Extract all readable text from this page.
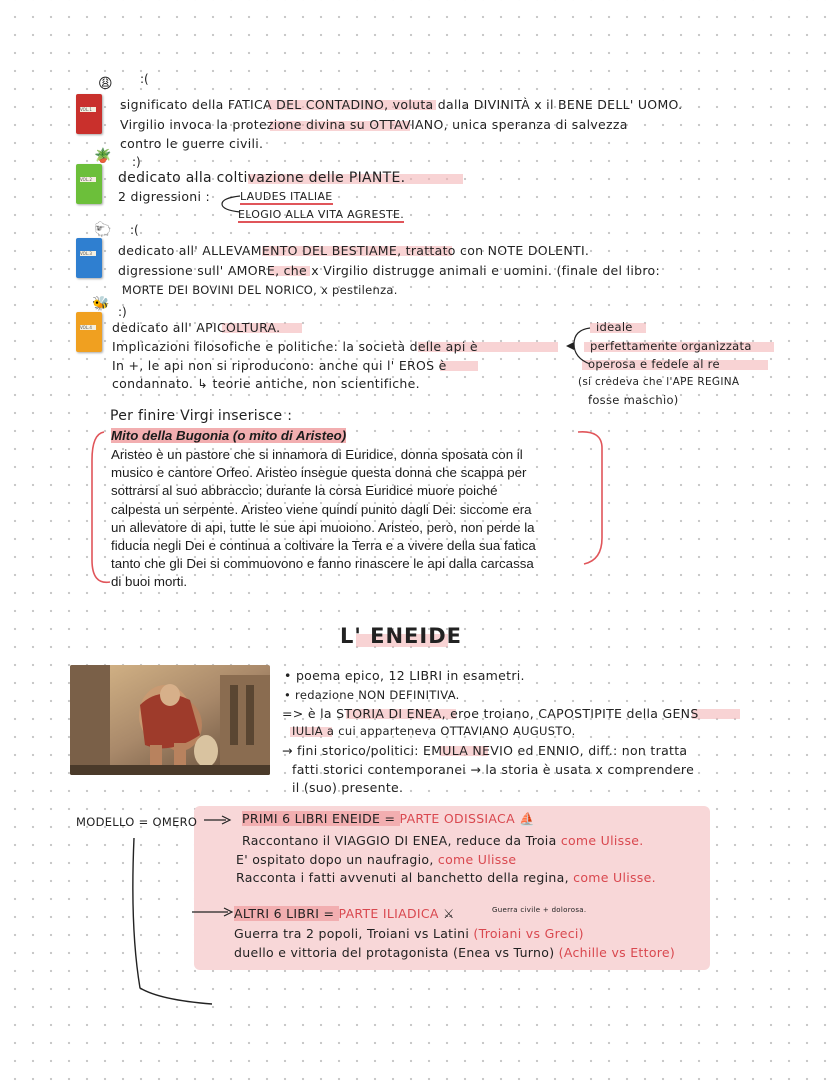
😩 :(
VOL.1	significato della FATICA DEL CONTADINO, voluta dalla DIVINITÀ x il BENE DELL' UOMO.
Virgilio invoca la protezione divina su OTTAVIANO, unica speranza di salvezza
contro le guerre civili.
:)
🪴
VOL.2 dedicato alla coltivazione delle PIANTE.
2 digressioni :	LAUDES ITALIAE
ELOGIO ALLA VITA AGRESTE.
🐑 :(
VOL.3	dedicato all' ALLEVAMENTO DEL BESTIAME, trattato con NOTE DOLENTI.
digressione sull' AMORE, che x Virgilio distrugge animali e uomini. (finale del libro:
MORTE DEI BOVINI DEL NORICO, x pestilenza.
🐝 :)
VOL.4	dedicato all' APICOLTURA.
Implicazioni filosofiche e politiche: la società delle api è
In +, le api non si riproducono: anche qui l' EROS è
condannato. ↳ teorie antiche, non scientifiche.
ideale
perfettamente organizzata
operosa e fedele al re
(si credeva che l'APE REGINA
fosse maschio)
Per finire Virgi inserisce :
Mito della Bugonia (o mito di Aristeo)
Aristeo è un pastore che si innamora di Euridice, donna sposata con il
musico e cantore Orfeo. Aristeo insegue questa donna che scappa per
sottrarsi al suo abbraccio; durante la corsa Euridice muore poiché
calpesta un serpente. Aristeo viene quindi punito dagli Dei: siccome era
un allevatore di api, tutte le sue api muoiono. Aristeo, però, non perde la
fiducia negli Dei e continua a coltivare la Terra e a vivere della sua fatica
tanto che gli Dei si commuovono e fanno rinascere le api dalla carcassa
di buoi morti.
L' ENEIDE
• poema epico, 12 LIBRI in esametri.
• redazione NON DEFINITIVA.
=> è la STORIA DI ENEA, eroe troiano, CAPOSTIPITE della GENS
IULIA a cui apparteneva OTTAVIANO AUGUSTO.
→ fini storico/politici: EMULA NEVIO ed ENNIO, diff.: non tratta
fatti storici contemporanei → la storia è usata x comprendere
il (suo) presente.
MODELLO = OMERO	PRIMI 6 LIBRI ENEIDE = PARTE ODISSIACA ⛵
Raccontano il VIAGGIO DI ENEA, reduce da Troia come Ulisse.
E' ospitato dopo un naufragio, come Ulisse
Racconta i fatti avvenuti al banchetto della regina, come Ulisse.
ALTRI 6 LIBRI = PARTE ILIADICA ⚔	Guerra civile + dolorosa.
Guerra tra 2 popoli, Troiani vs Latini (Troiani vs Greci)
duello e vittoria del protagonista (Enea vs Turno) (Achille vs Ettore)
